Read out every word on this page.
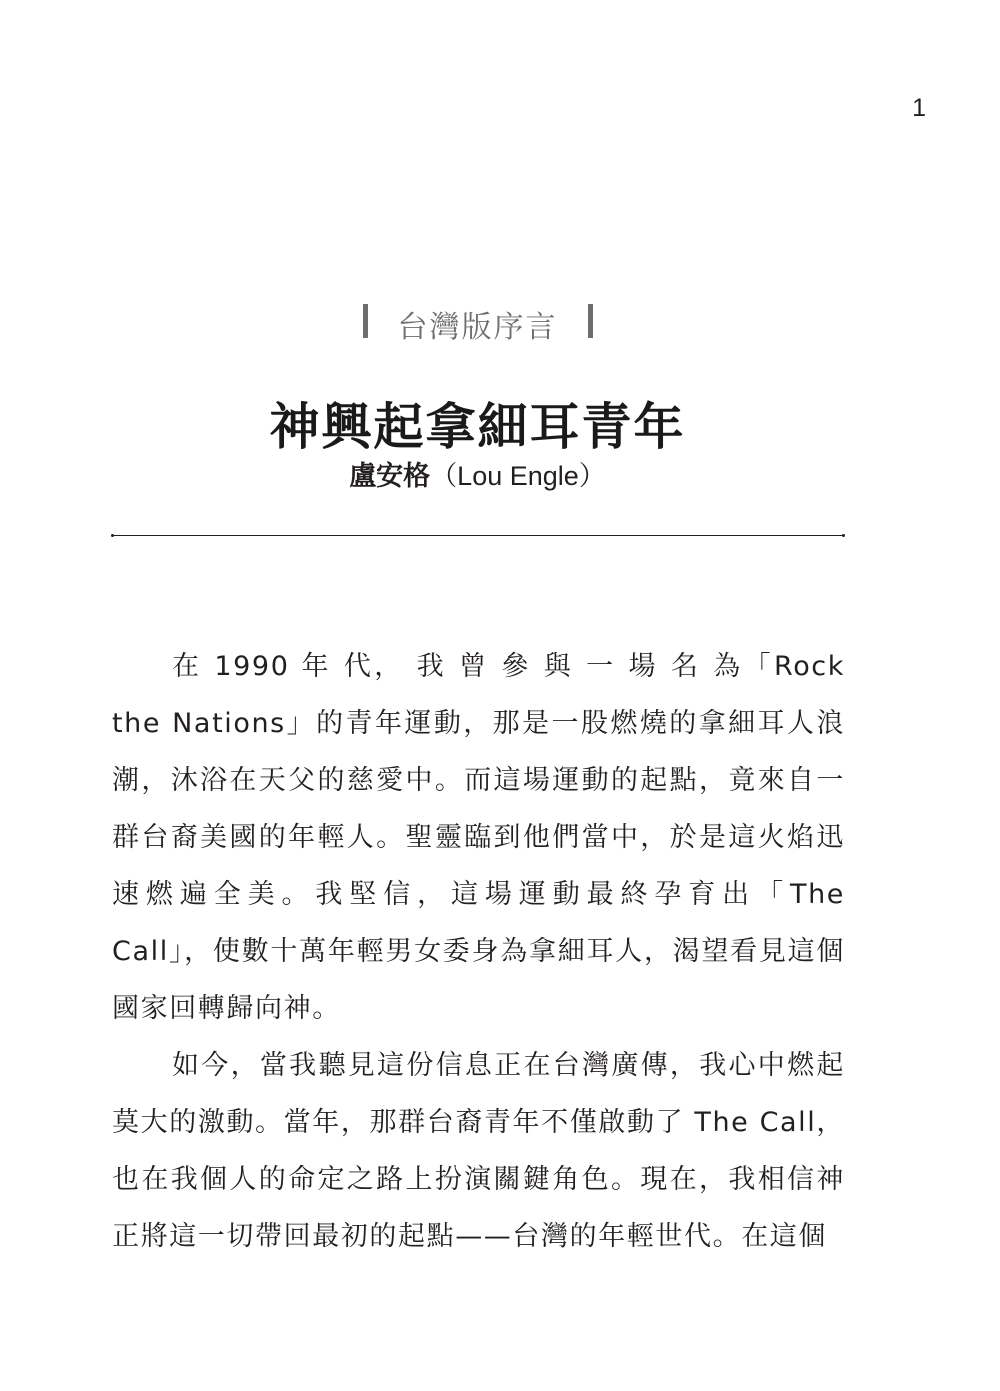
1
台灣版序言
神興起拿細耳青年
盧安格（Lou Engle）

在 1990 年 代， 我 曾 參 與 一 場 名 為「Rock the Nations」的青年運動，那是一股燃燒的拿細耳人浪潮，沐浴在天父的慈愛中。而這場運動的起點，竟來自一群台裔美國的年輕人。聖靈臨到他們當中，於是這火焰迅速燃遍全美。我堅信，這場運動最終孕育出「The Call」，使數十萬年輕男女委身為拿細耳人，渴望看見這個國家回轉歸向神。

如今，當我聽見這份信息正在台灣廣傳，我心中燃起莫大的激動。當年，那群台裔青年不僅啟動了 The Call，也在我個人的命定之路上扮演關鍵角色。現在，我相信神正將這一切帶回最初的起點——台灣的年輕世代。在這個
